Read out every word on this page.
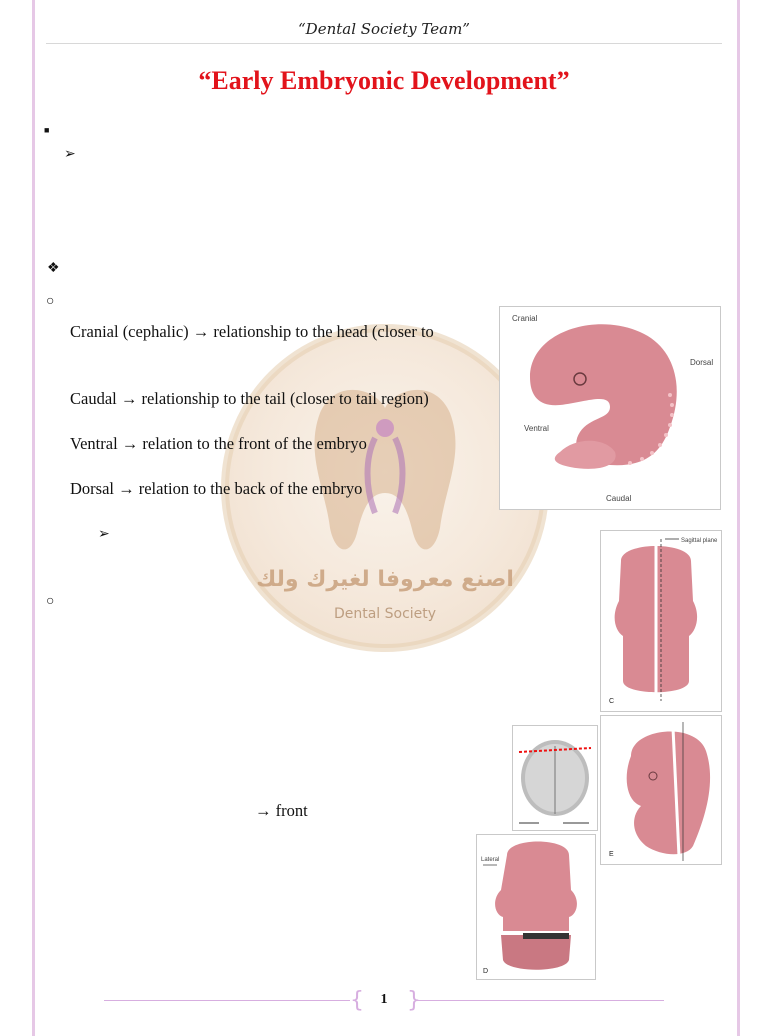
“Dental Society Team”
“Early Embryonic Development”
اصنع معروفا لغيرك ولك
Dental Society
■
➢
❖
○
➢
○
Cranial (cephalic) → relationship to the head (closer to
Caudal → relationship to the tail (closer to tail region)
Ventral → relation to the front of the embryo
Dorsal → relation to the back of the embryo
→ front
Cranial
Dorsal
Ventral
Caudal
Sagittal plane
C
E
Lateral
D
{ }
1
